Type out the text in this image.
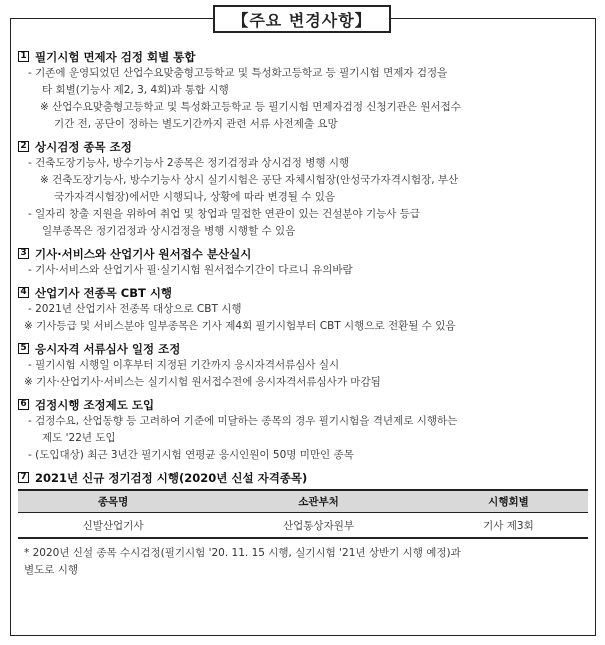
【주요 변경사항】
1 필기시험 면제자 검정 회별 통합
- 기존에 운영되었던 산업수요맞춤형고등학교 및 특성화고등학교 등 필기시험 면제자 검정을
타 회별(기능사 제2, 3, 4회)과 통합 시행
※ 산업수요맞춤형고등학교 및 특성화고등학교 등 필기시험 면제자검정 신청기관은 원서접수
기간 전, 공단이 정하는 별도기간까지 관련 서류 사전제출 요망
2 상시검정 종목 조정
- 건축도장기능사, 방수기능사 2종목은 정기검정과 상시검정 병행 시행
※ 건축도장기능사, 방수기능사 상시 실기시험은 공단 자체시험장(안성국가자격시험장, 부산
국가자격시험장)에서만 시행되나, 상황에 따라 변경될 수 있음
- 일자리 창출 지원을 위하여 취업 및 창업과 밀접한 연관이 있는 건설분야 기능사 등급
일부종목은 정기검정과 상시검정을 병행 시행할 수 있음
3 기사·서비스와 산업기사 원서접수 분산실시
- 기사·서비스와 산업기사 필·실기시험 원서접수기간이 다르니 유의바람
4 산업기사 전종목 CBT 시행
- 2021년 산업기사 전종목 대상으로 CBT 시행
※ 기사등급 및 서비스분야 일부종목은 기사 제4회 필기시험부터 CBT 시행으로 전환될 수 있음
5 응시자격 서류심사 일정 조정
- 필기시험 시행일 이후부터 지정된 기간까지 응시자격서류심사 실시
※ 기사·산업기사·서비스는 실기시험 원서접수전에 응시자격서류심사가 마감됨
6 검정시행 조정제도 도입
- 검정수요, 산업동향 등 고려하여 기준에 미달하는 종목의 경우 필기시험을 격년제로 시행하는
제도 '22년 도입
- (도입대상) 최근 3년간 필기시험 연평균 응시인원이 50명 미만인 종목
7 2021년 신규 정기검정 시행(2020년 신설 자격종목)
종목명	소관부처	시행회별
신발산업기사	산업통상자원부	기사 제3회
* 2020년 신설 종목 수시검정(필기시험 '20. 11. 15 시행, 실기시험 '21년 상반기 시행 예정)과
별도로 시행
